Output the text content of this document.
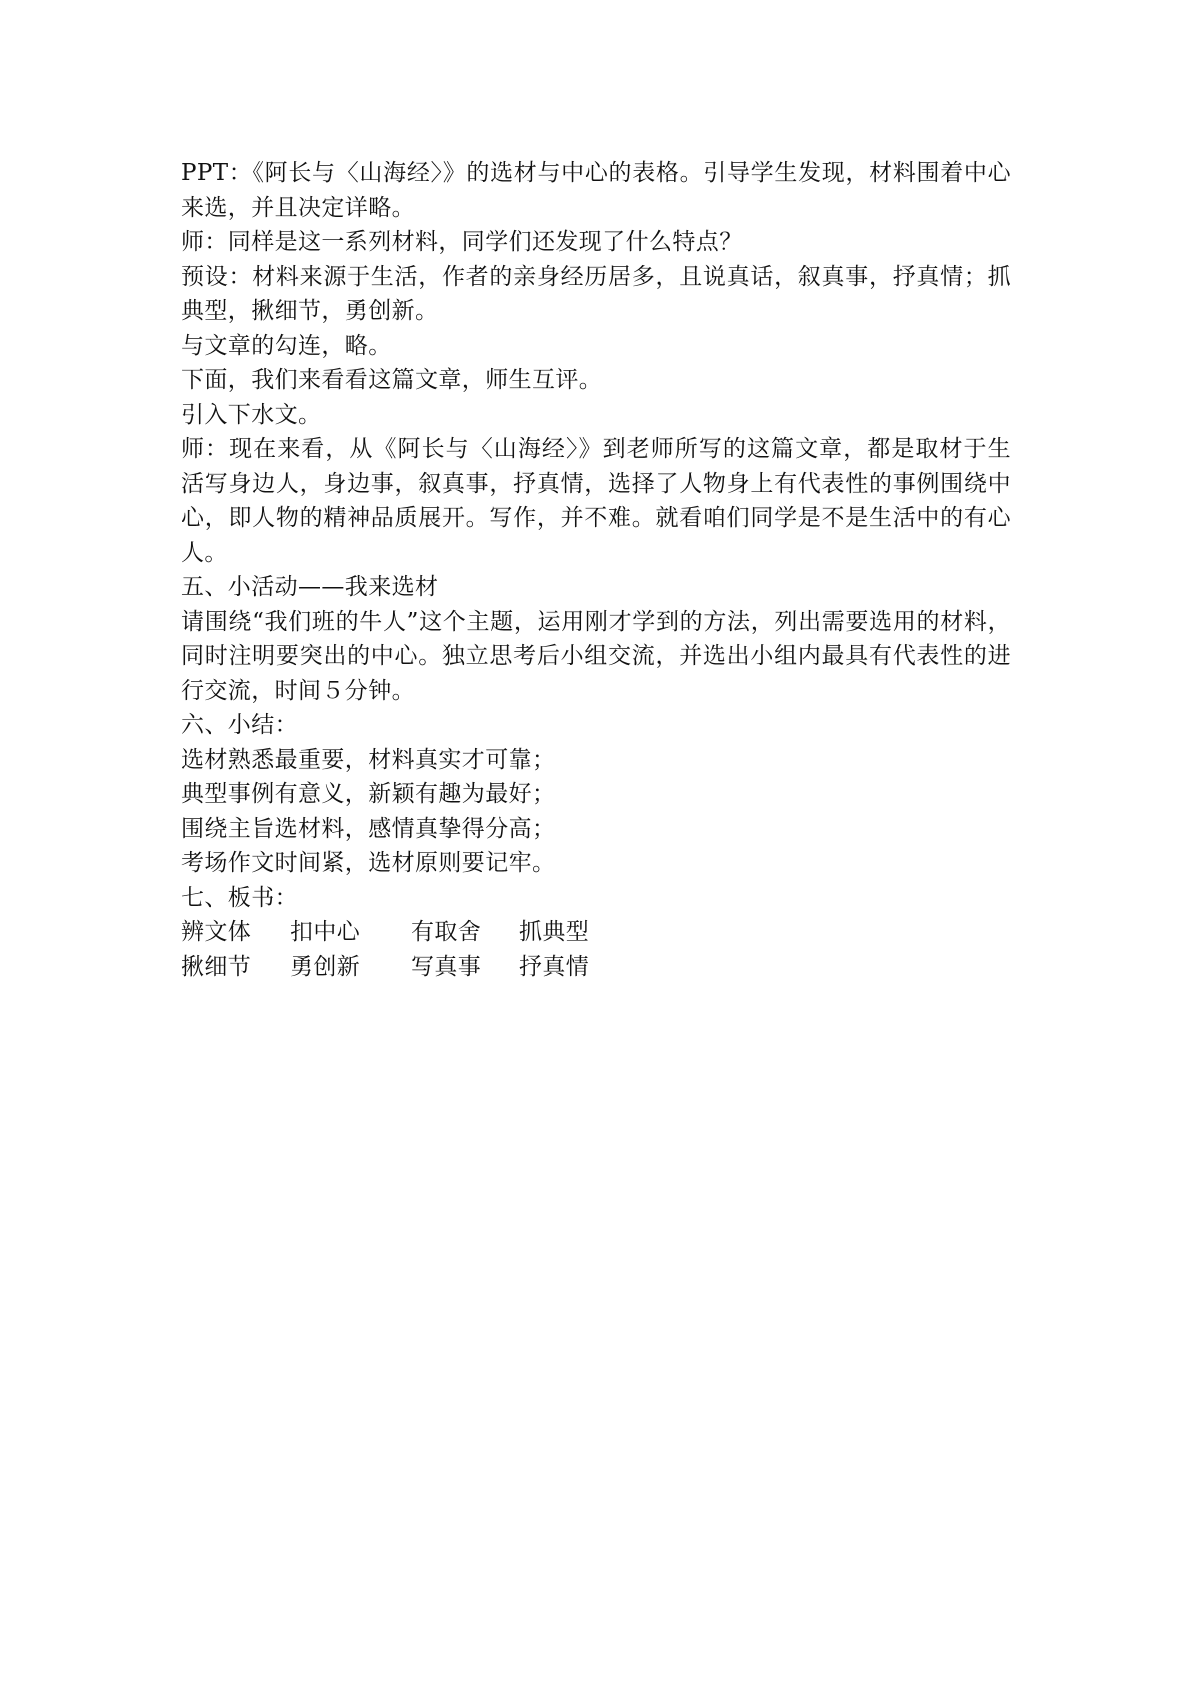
PPT：《阿长与〈山海经〉》的选材与中心的表格。引导学生发现，材料围着中心来选，并且决定详略。

师：同样是这一系列材料，同学们还发现了什么特点？

预设：材料来源于生活，作者的亲身经历居多，且说真话，叙真事，抒真情；抓典型，揪细节，勇创新。

与文章的勾连，略。

下面，我们来看看这篇文章，师生互评。

引入下水文。

师：现在来看，从《阿长与〈山海经〉》到老师所写的这篇文章，都是取材于生活写身边人，身边事，叙真事，抒真情，选择了人物身上有代表性的事例围绕中心，即人物的精神品质展开。写作，并不难。就看咱们同学是不是生活中的有心人。

五、小活动——我来选材

请围绕“我们班的牛人”这个主题，运用刚才学到的方法，列出需要选用的材料，同时注明要突出的中心。独立思考后小组交流，并选出小组内最具有代表性的进行交流，时间５分钟。

六、小结：

选材熟悉最重要，材料真实才可靠；

典型事例有意义，新颖有趣为最好；

围绕主旨选材料，感情真挚得分高；

考场作文时间紧，选材原则要记牢。

七、板书：

辨文体	扣中心	有取舍	抓典型
揪细节	勇创新	写真事	抒真情
